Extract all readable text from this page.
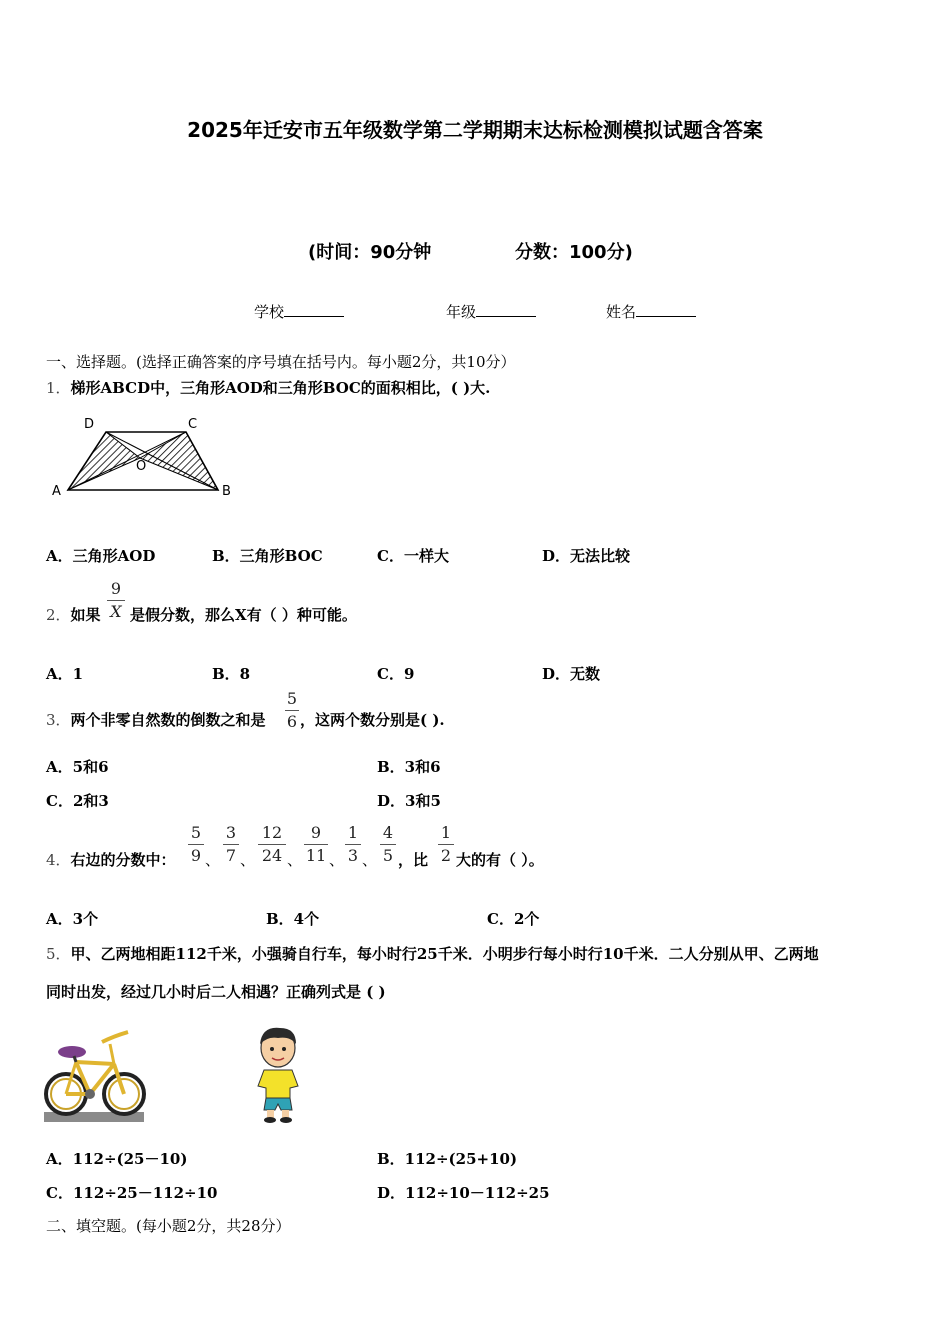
2025年迁安市五年级数学第二学期期末达标检测模拟试题含答案
(时间：90分钟	分数：100分)
学校	年级	姓名
一、选择题。(选择正确答案的序号填在括号内。每小题2分，共10分）
1．梯形ABCD中，三角形AOD和三角形BOC的面积相比，( )大.
D	C
O
A	B
A．三角形AOD	B．三角形BOC	C．一样大	D．无法比较
2．如果 $\frac{9}{X}$ 是假分数，那么X有（ ）种可能。
A．1	B．8	C．9	D．无数
3．两个非零自然数的倒数之和是 $\frac{5}{6}$ ，这两个数分别是( ).
A．5和6	B．3和6
C．2和3	D．3和5
4．右边的分数中： $\frac{5}{9}$ 、 $\frac{3}{7}$ 、 $\frac{12}{24}$ 、 $\frac{9}{11}$ 、 $\frac{1}{3}$ 、 $\frac{4}{5}$ ，比 $\frac{1}{2}$ 大的有（ ）。
A．3个	B．4个	C．2个
5．甲、乙两地相距112千米，小强骑自行车，每小时行25千米．小明步行每小时行10千米．二人分别从甲、乙两地
同时出发，经过几小时后二人相遇？正确列式是 ( )
A．112÷(25－10)	B．112÷(25+10)
C．112÷25－112÷10	D．112÷10－112÷25
二、填空题。(每小题2分，共28分）
